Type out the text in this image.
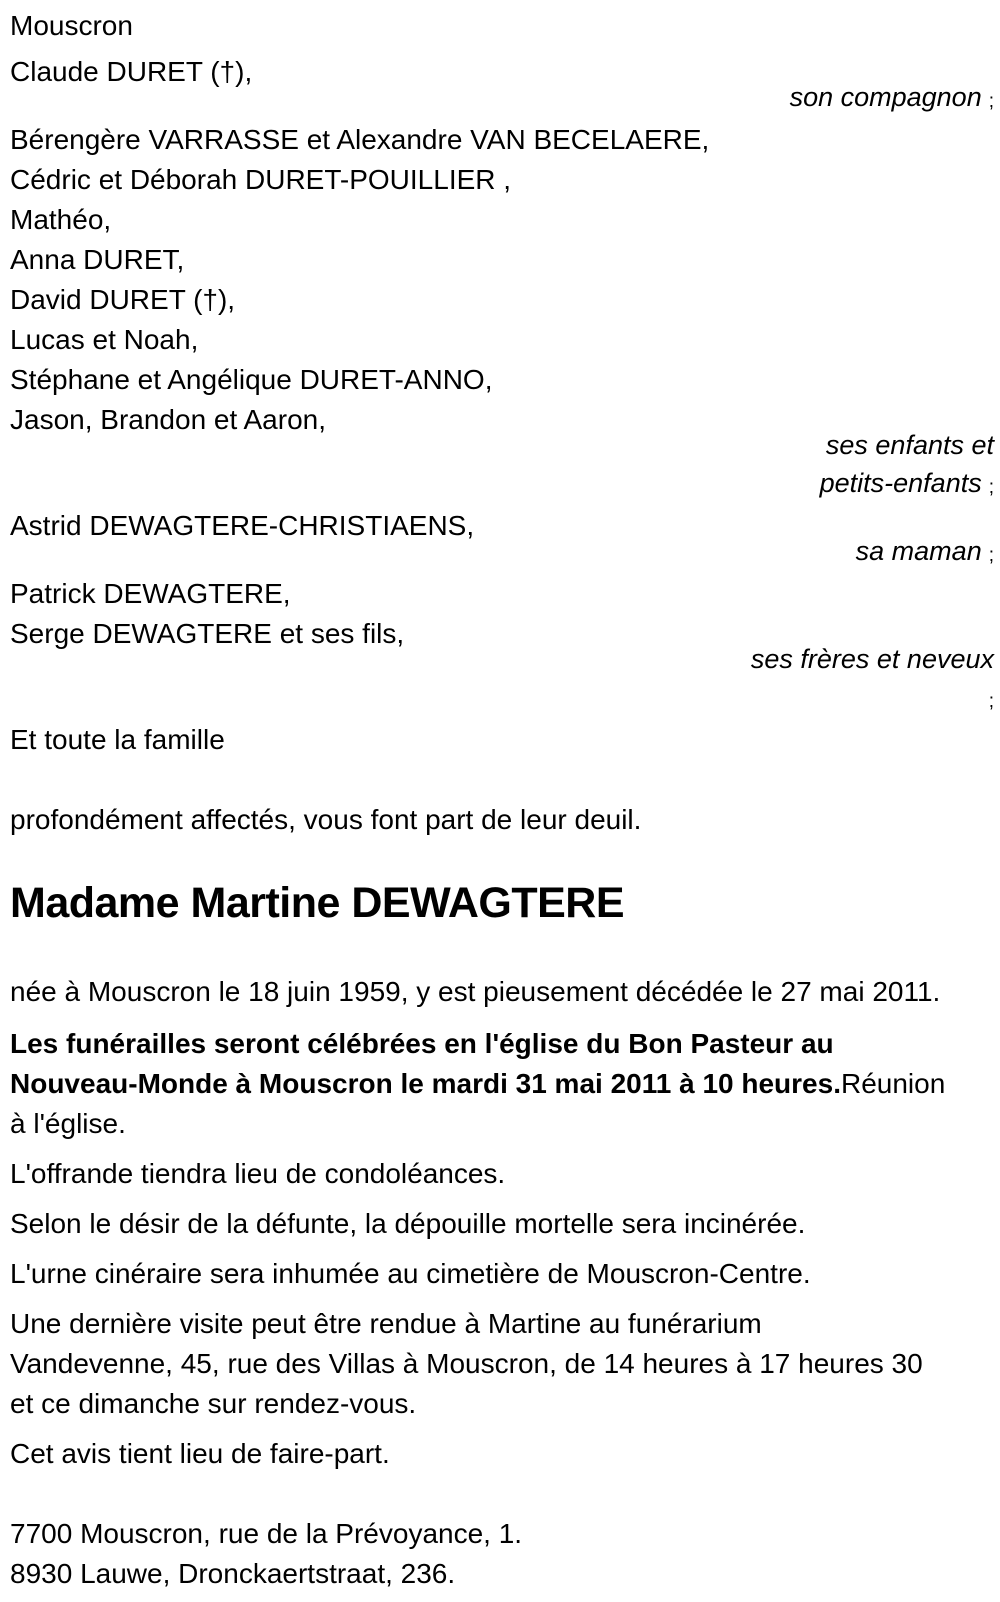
Mouscron

Claude DURET (†),

son compagnon ;

Bérengère VARRASSE et Alexandre VAN BECELAERE,

Cédric et Déborah DURET-POUILLIER ,

Mathéo,

Anna DURET,

David DURET (†),

Lucas et Noah,

Stéphane et Angélique DURET-ANNO,

Jason, Brandon et Aaron,

ses enfants et
petits-enfants ;

Astrid DEWAGTERE-CHRISTIAENS,

sa maman ;

Patrick DEWAGTERE,

Serge DEWAGTERE et ses fils,

ses frères et neveux
;

Et toute la famille

profondément affectés, vous font part de leur deuil.

Madame Martine DEWAGTERE

née à Mouscron le 18 juin 1959, y est pieusement décédée le 27 mai 2011.

Les funérailles seront célébrées en l'église du Bon Pasteur au

Nouveau-Monde à Mouscron le mardi 31 mai 2011 à 10 heures.Réunion

à l'église.

L'offrande tiendra lieu de condoléances.

Selon le désir de la défunte, la dépouille mortelle sera incinérée.

L'urne cinéraire sera inhumée au cimetière de Mouscron-Centre.

Une dernière visite peut être rendue à Martine au funérarium

Vandevenne, 45, rue des Villas à Mouscron, de 14 heures à 17 heures 30

et ce dimanche sur rendez-vous.

Cet avis tient lieu de faire-part.

7700 Mouscron, rue de la Prévoyance, 1.

8930 Lauwe, Dronckaertstraat, 236.
